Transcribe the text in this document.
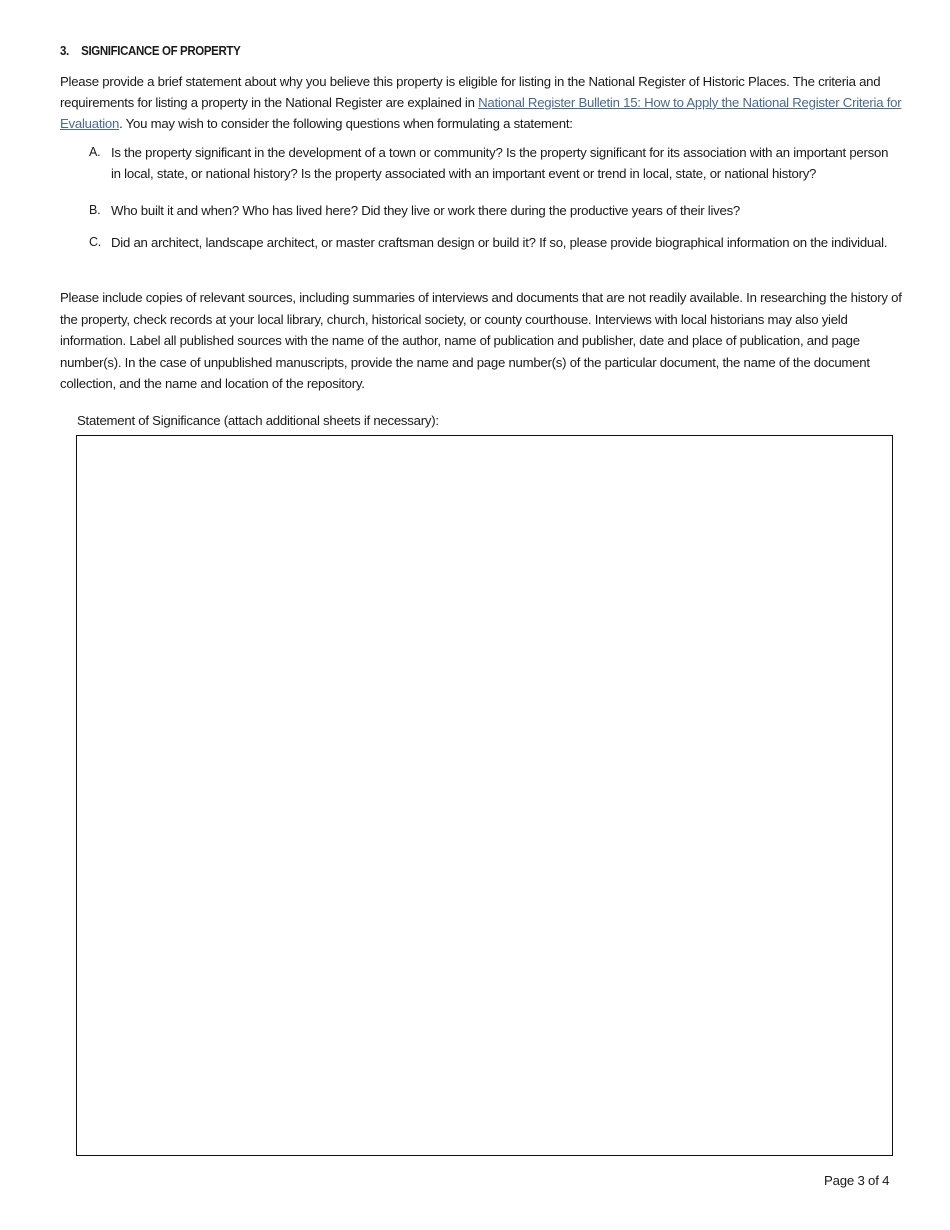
3. SIGNIFICANCE OF PROPERTY
Please provide a brief statement about why you believe this property is eligible for listing in the National Register of Historic Places. The criteria and requirements for listing a property in the National Register are explained in National Register Bulletin 15: How to Apply the National Register Criteria for Evaluation. You may wish to consider the following questions when formulating a statement:
A. Is the property significant in the development of a town or community? Is the property significant for its association with an important person in local, state, or national history? Is the property associated with an important event or trend in local, state, or national history?
B. Who built it and when? Who has lived here? Did they live or work there during the productive years of their lives?
C. Did an architect, landscape architect, or master craftsman design or build it? If so, please provide biographical information on the individual.
Please include copies of relevant sources, including summaries of interviews and documents that are not readily available. In researching the history of the property, check records at your local library, church, historical society, or county courthouse. Interviews with local historians may also yield information. Label all published sources with the name of the author, name of publication and publisher, date and place of publication, and page number(s). In the case of unpublished manuscripts, provide the name and page number(s) of the particular document, the name of the document collection, and the name and location of the repository.
Statement of Significance (attach additional sheets if necessary):
Page 3 of 4
